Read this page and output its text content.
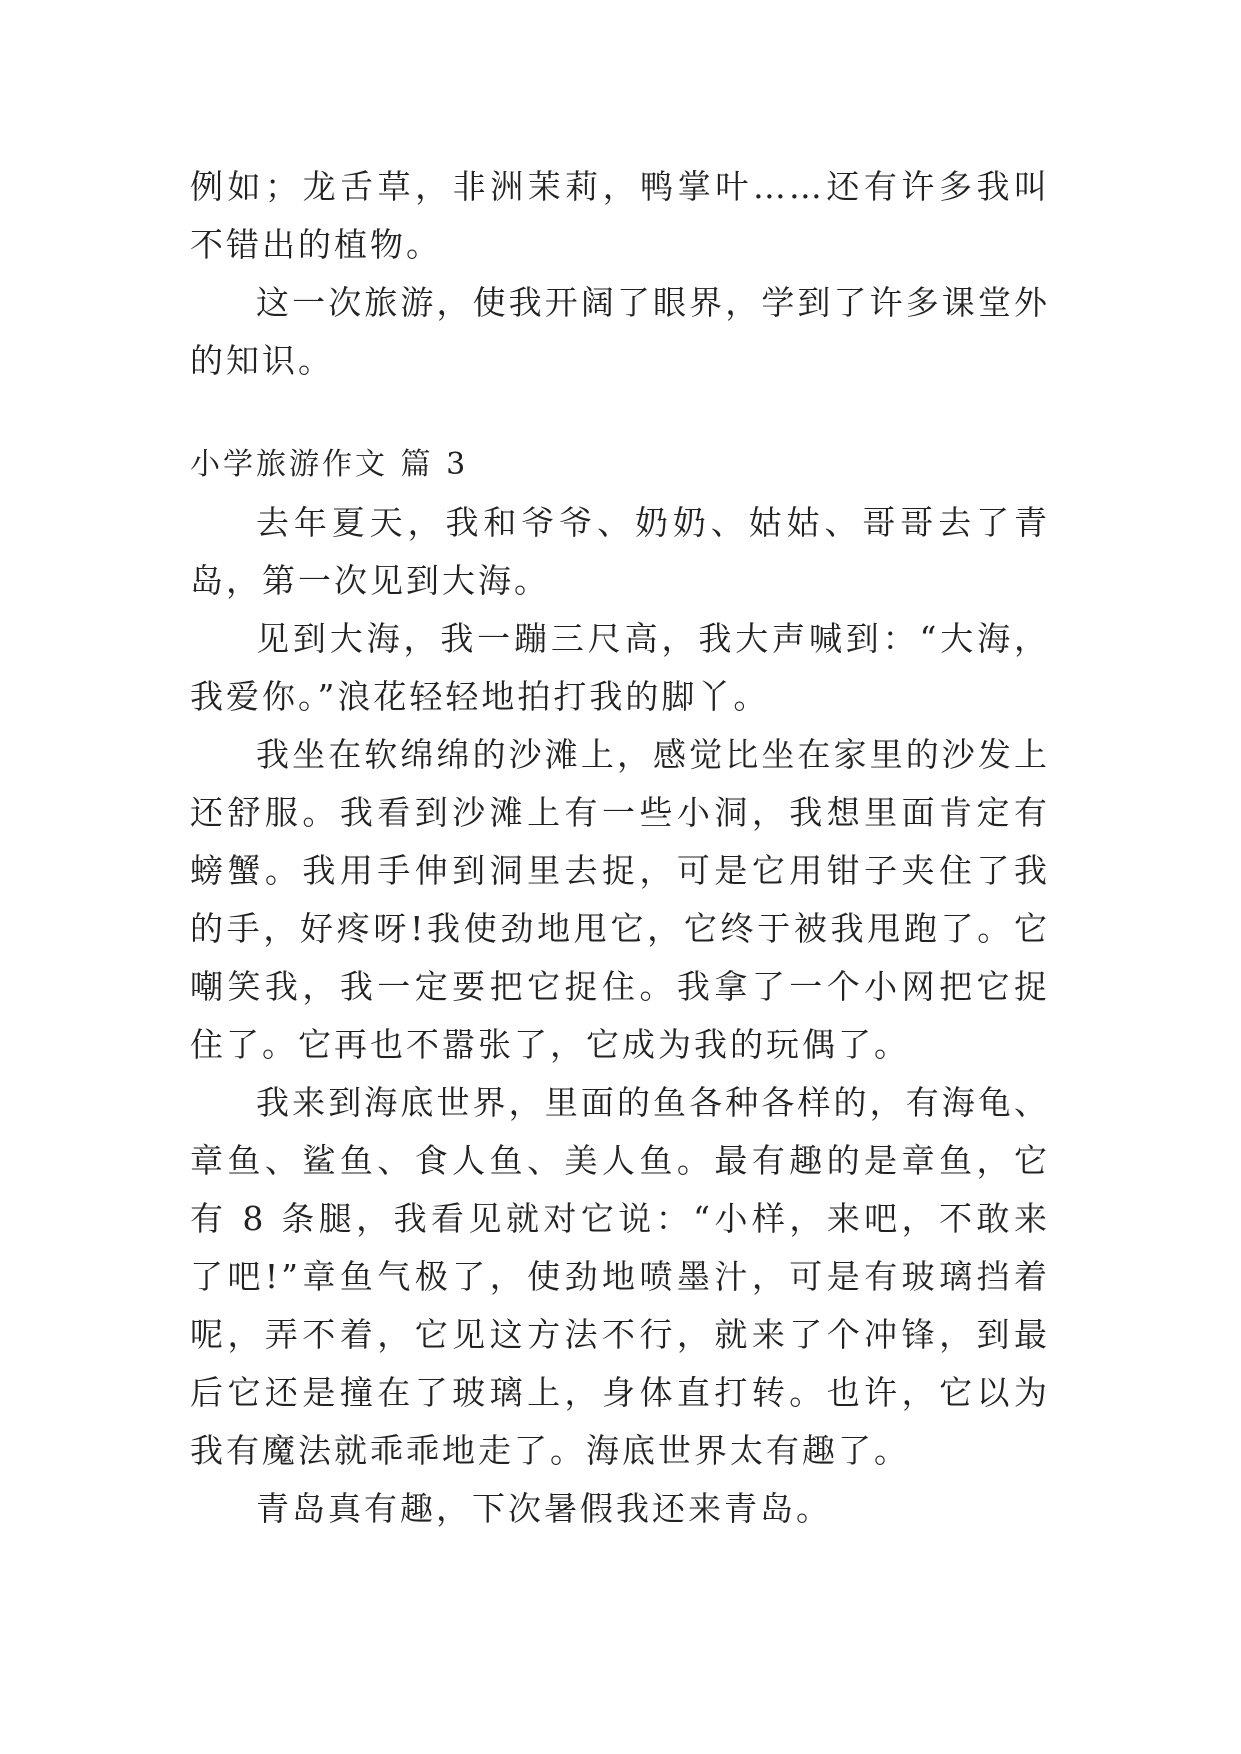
例如；龙舌草，非洲茉莉，鸭掌叶……还有许多我叫不错出的植物。

这一次旅游，使我开阔了眼界，学到了许多课堂外的知识。

小学旅游作文 篇 3

去年夏天，我和爷爷、奶奶、姑姑、哥哥去了青岛，第一次见到大海。

见到大海，我一蹦三尺高，我大声喊到：“大海，我爱你。”浪花轻轻地拍打我的脚丫。

我坐在软绵绵的沙滩上，感觉比坐在家里的沙发上还舒服。我看到沙滩上有一些小洞，我想里面肯定有螃蟹。我用手伸到洞里去捉，可是它用钳子夹住了我的手，好疼呀!我使劲地甩它，它终于被我甩跑了。它嘲笑我，我一定要把它捉住。我拿了一个小网把它捉住了。它再也不嚣张了，它成为我的玩偶了。

我来到海底世界，里面的鱼各种各样的，有海龟、章鱼、鲨鱼、食人鱼、美人鱼。最有趣的是章鱼，它有 8 条腿，我看见就对它说：“小样，来吧，不敢来了吧!”章鱼气极了，使劲地喷墨汁，可是有玻璃挡着呢，弄不着，它见这方法不行，就来了个冲锋，到最后它还是撞在了玻璃上，身体直打转。也许，它以为我有魔法就乖乖地走了。海底世界太有趣了。

青岛真有趣，下次暑假我还来青岛。
